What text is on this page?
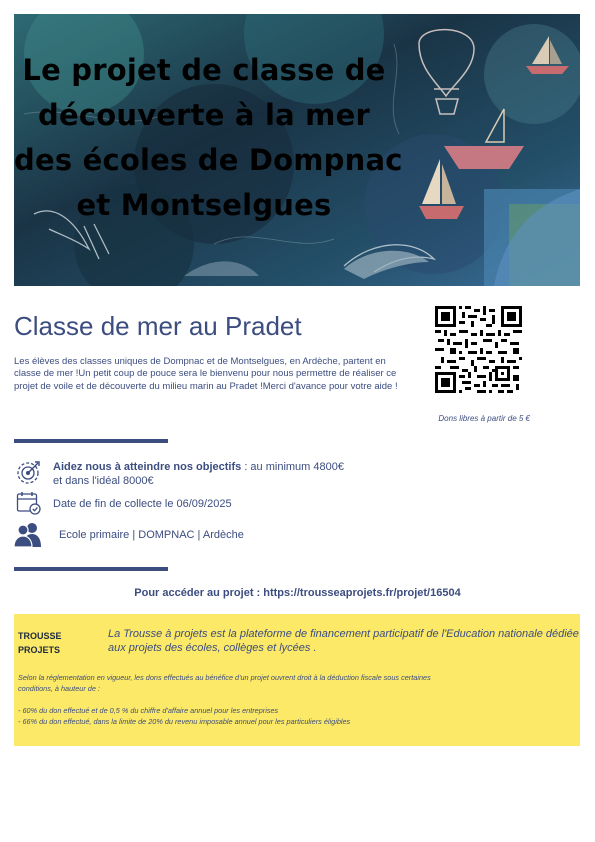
Le projet de classe de
découverte à la mer
des écoles de Dompnac
et Montselgues
Classe de mer au Pradet
Les élèves des classes uniques de Dompnac et de Montselgues, en Ardèche, partent en classe de mer !Un petit coup de pouce sera le bienvenu pour nous permettre de réaliser ce projet de voile et de découverte du milieu marin au Pradet !Merci d'avance pour votre aide !
Dons libres à partir de 5 €
Aidez nous à atteindre nos objectifs : au minimum 4800€
et dans l'idéal 8000€
Date de fin de collecte le 06/09/2025
Ecole primaire | DOMPNAC | Ardèche
Pour accéder au projet : https://trousseaprojets.fr/projet/16504
TROUSSE
PROJETS
La Trousse à projets est la plateforme de financement participatif de l'Education nationale dédiée aux projets des écoles, collèges et lycées .
Selon la réglementation en vigueur, les dons effectués au bénéfice d'un projet ouvrent droit à la déduction fiscale sous certaines
conditions, à hauteur de :

- 60% du don effectué et de 0,5 % du chiffre d'affaire annuel pour les entreprises
- 66% du don effectué, dans la limite de 20% du revenu imposable annuel pour les particuliers éligibles
